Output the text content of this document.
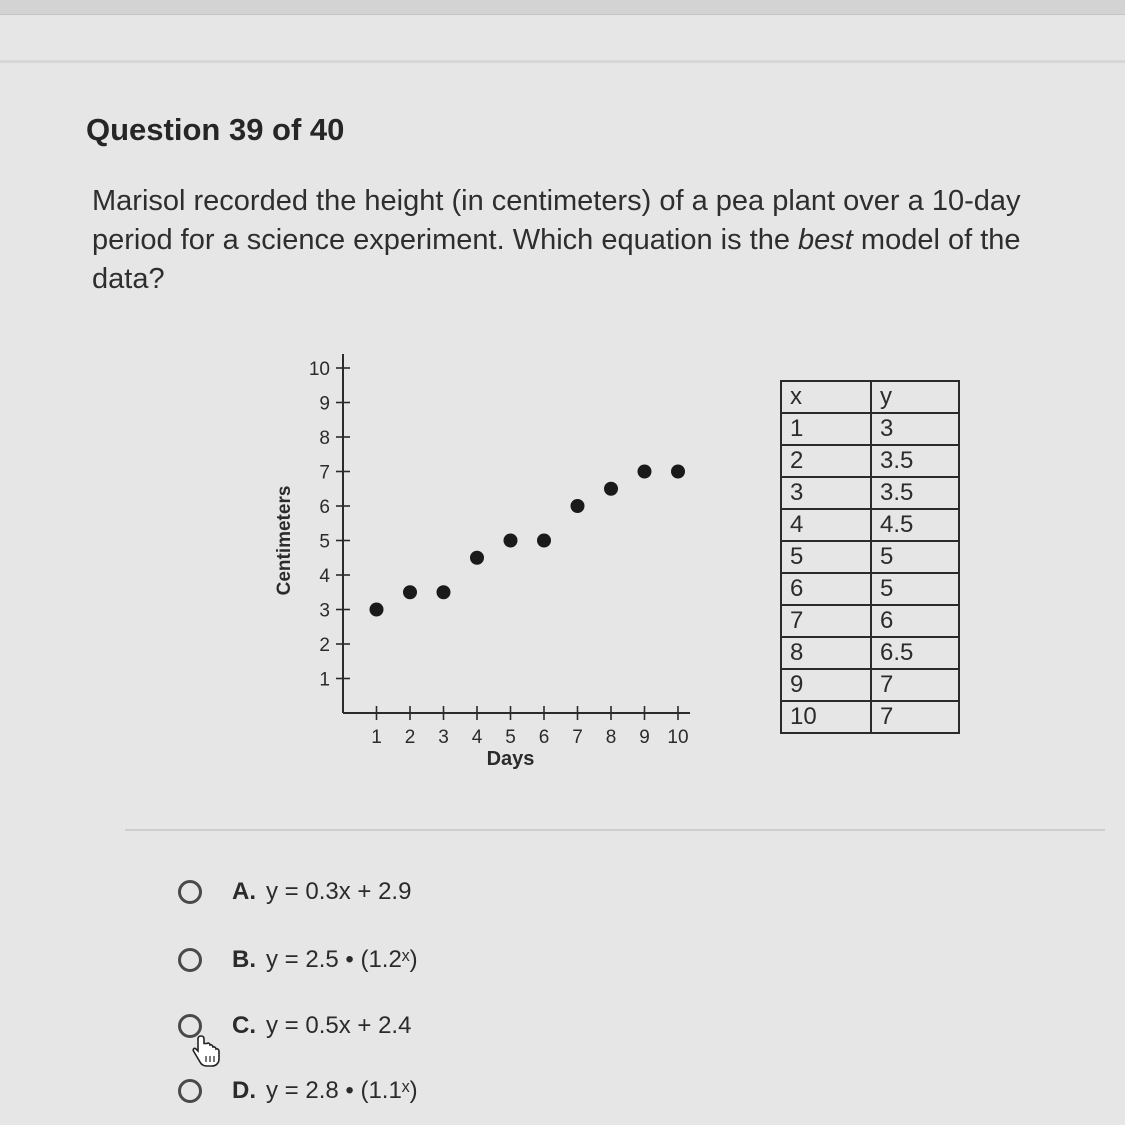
Question 39 of 40
Marisol recorded the height (in centimeters) of a pea plant over a 10-day period for a science experiment. Which equation is the best model of the data?
1
2
3
4
5
6
7
8
9
10
1 2 3 4 5 6 7 8 9 10
Days
Centimeters
x	y
1	3
2	3.5
3	3.5
4	4.5
5	5
6	5
7	6
8	6.5
9	7
10	7
A. y = 0.3x + 2.9
B. y = 2.5 • (1.2ˣ)
C. y = 0.5x + 2.4
D. y = 2.8 • (1.1ˣ)
